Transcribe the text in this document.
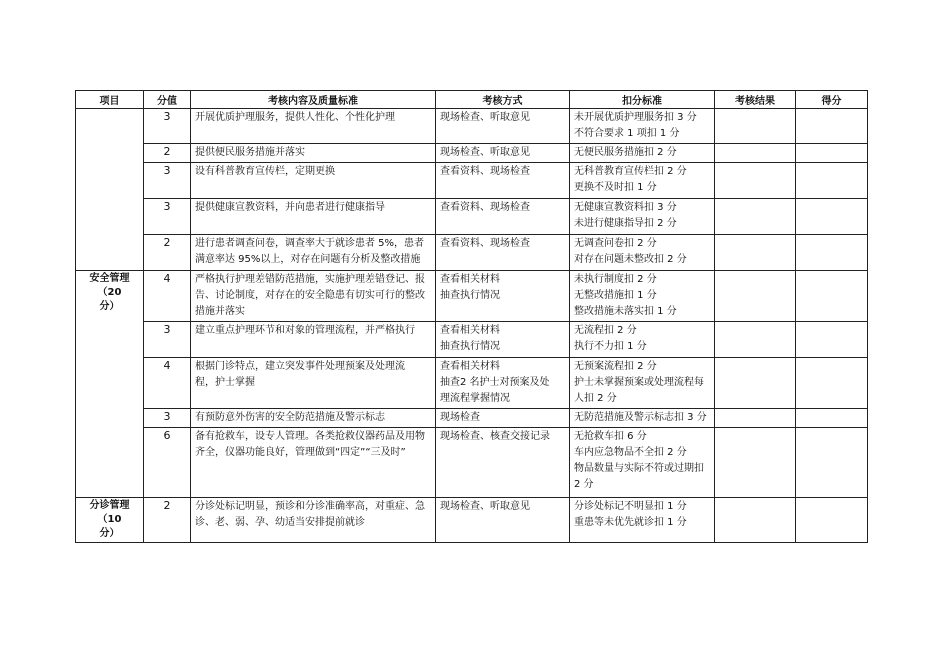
项目	分值	考核内容及质量标准	考核方式	扣分标准	考核结果	得分
	3	开展优质护理服务，提供人性化、个性化护理	现场检查、听取意见	未开展优质护理服务扣 3 分
不符合要求 1 项扣 1 分		

	2	提供便民服务措施并落实	现场检查、听取意见	无便民服务措施扣 2 分		

	3	设有科普教育宣传栏，定期更换	查看资料、现场检查	无科普教育宣传栏扣 2 分
更换不及时扣 1 分		

	3	提供健康宣教资料，并向患者进行健康指导	查看资料、现场检查	无健康宣教资料扣 3 分
未进行健康指导扣 2 分		

	2	进行患者调查问卷，调查率大于就诊患者 5%，患者
满意率达 95%以上，对存在问题有分析及整改措施	查看资料、现场检查	无调查问卷扣 2 分
对存在问题未整改扣 2 分		

安全管理
（20
分）	4	严格执行护理差错防范措施，实施护理差错登记、报
告、讨论制度，对存在的安全隐患有切实可行的整改
措施并落实	查看相关材料
抽查执行情况	未执行制度扣 2 分
无整改措施扣 1 分
整改措施未落实扣 1 分		

	3	建立重点护理环节和对象的管理流程，并严格执行	查看相关材料
抽查执行情况	无流程扣 2 分
执行不力扣 1 分		

	4	根据门诊特点，建立突发事件处理预案及处理流
程，护士掌握	查看相关材料
抽查2 名护士对预案及处
理流程掌握情况	无预案流程扣 2 分
护士未掌握预案或处理流程每
人扣 2 分		

	3	有预防意外伤害的安全防范措施及警示标志	现场检查	无防范措施及警示标志扣 3 分		

	6	备有抢救车，设专人管理。各类抢救仪器药品及用物
齐全，仪器功能良好，管理做到“四定”“三及时”	现场检查、核查交接记录	无抢救车扣 6 分
车内应急物品不全扣 2 分
物品数量与实际不符或过期扣
2 分		

分诊管理
（10
分）	2	分诊处标记明显，预诊和分诊准确率高，对重症、急
诊、老、弱、孕、幼适当安排提前就诊	现场检查、听取意见	分诊处标记不明显扣 1 分
重患等未优先就诊扣 1 分		
